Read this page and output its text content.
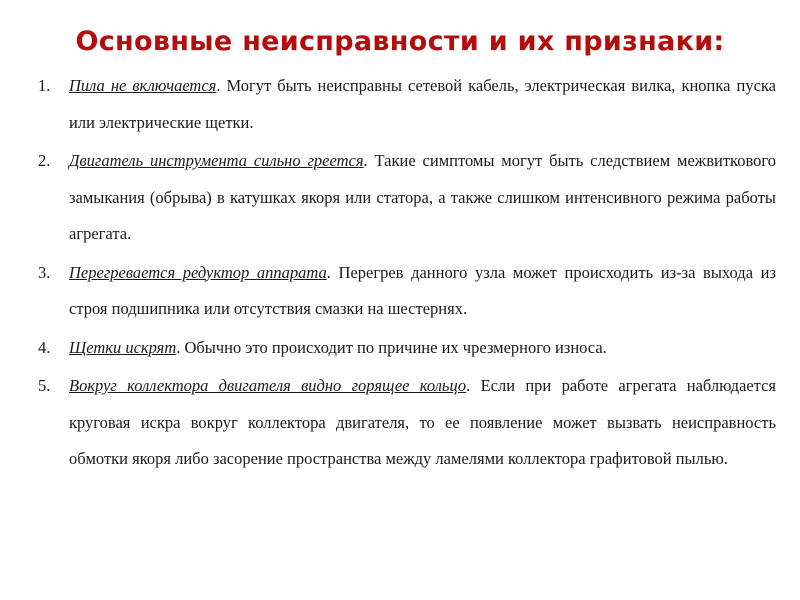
Основные неисправности и их признаки:
1.	Пила не включается. Могут быть неисправны сетевой кабель, электрическая вилка, кнопка пуска или электрические щетки.
2.	Двигатель инструмента сильно греется. Такие симптомы могут быть следствием межвиткового замыкания (обрыва) в катушках якоря или статора, а также слишком интенсивного режима работы агрегата.
3.	Перегревается редуктор аппарата. Перегрев данного узла может происходить из-за выхода из строя подшипника или отсутствия смазки на шестернях.
4.	Щетки искрят. Обычно это происходит по причине их чрезмерного износа.
5.	Вокруг коллектора двигателя видно горящее кольцо. Если при работе агрегата наблюдается круговая искра вокруг коллектора двигателя, то ее появление может вызвать неисправность обмотки якоря либо засорение пространства между ламелями коллектора графитовой пылью.
